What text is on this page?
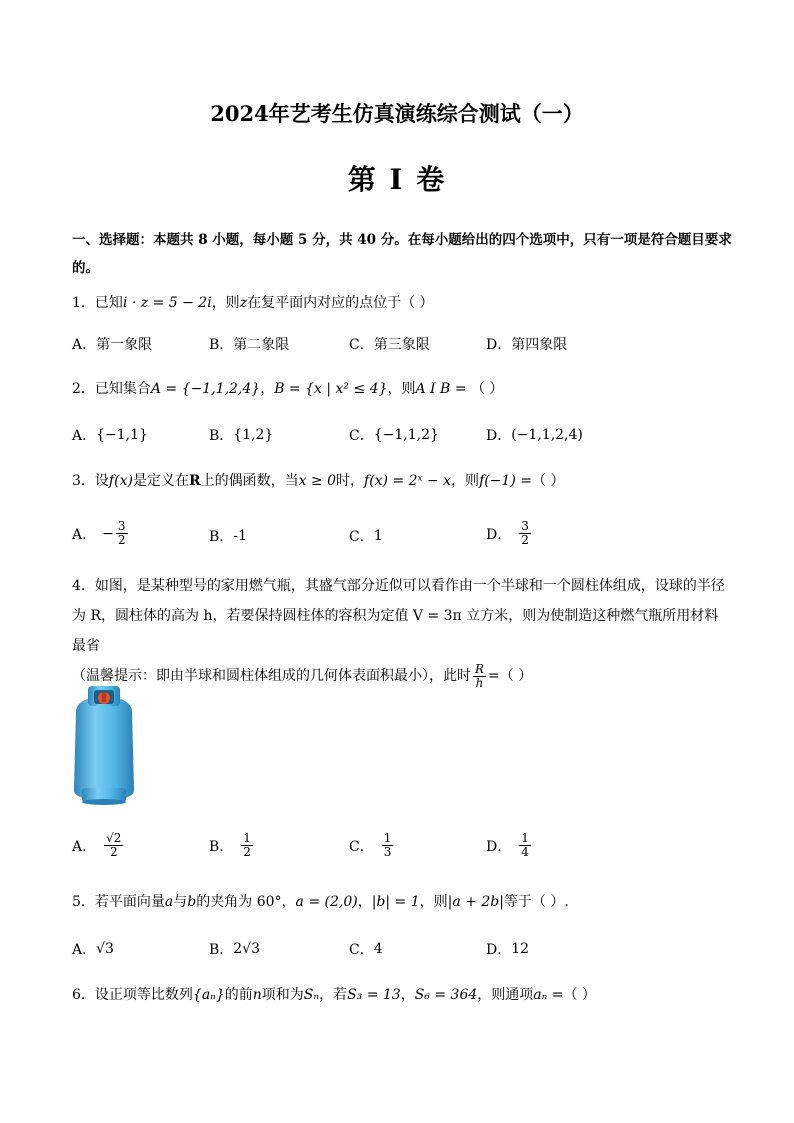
2024年艺考生仿真演练综合测试（一）
第 I 卷
一、选择题：本题共 8 小题，每小题 5 分，共 40 分。在每小题给出的四个选项中，只有一项是符合题目要求的。
1．已知i · z = 5 − 2i，则z在复平面内对应的点位于（ ）
A． 第一象限	B． 第二象限	C． 第三象限	D． 第四象限
2．已知集合A = {−1,1,2,4}，B = {x | x² ≤ 4}，则A I B = （ ）
A． {−1,1}	B． {1,2}	C． {−1,1,2}	D． (−1,1,2,4)
3．设f(x)是定义在R上的偶函数，当x ≥ 0时，f(x) = 2ˣ − x，则f(−1) =（ ）
A． − $\frac{3}{2}$	B． -1	C． 1	D． $\frac{3}{2}$
4．如图，是某种型号的家用燃气瓶，其盛气部分近似可以看作由一个半球和一个圆柱体组成，设球的半径
为 R，圆柱体的高为 h，若要保持圆柱体的容积为定值 V = 3π 立方米，则为使制造这种燃气瓶所用材料最省
（温馨提示：即由半球和圆柱体组成的几何体表面积最小），此时 $\frac{R}{h}$ =（ ）
A． $\frac{√2}{2}$	B． $\frac{1}{2}$	C． $\frac{1}{3}$	D． $\frac{1}{4}$
5．若平面向量a与b的夹角为 60°，a = (2,0)，|b| = 1，则|a + 2b|等于（ ）.
A． √3	B． 2√3	C． 4	D． 12
6．设正项等比数列{aₙ}的前n项和为Sₙ，若S₃ = 13，S₆ = 364，则通项aₙ =（ ）
